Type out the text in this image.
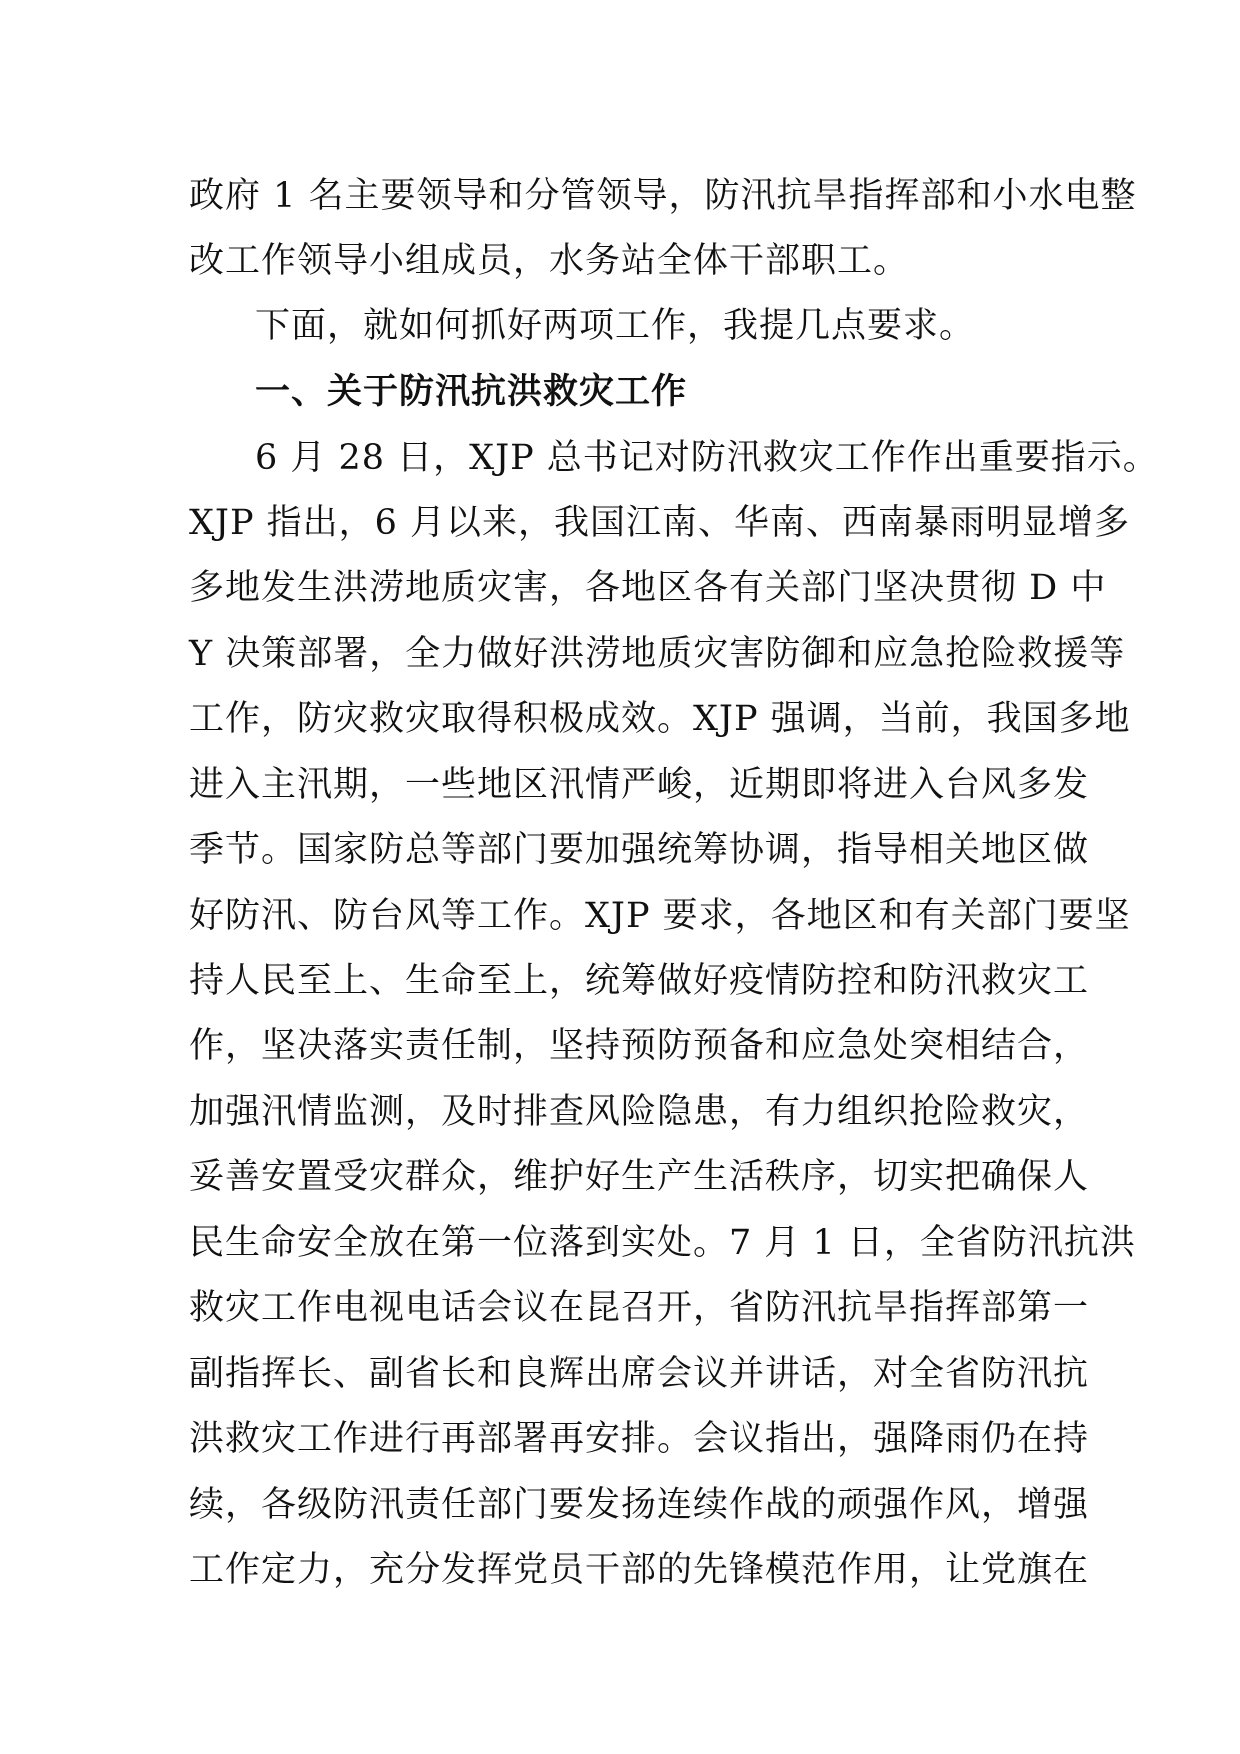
政府 1 名主要领导和分管领导，防汛抗旱指挥部和小水电整
改工作领导小组成员，水务站全体干部职工。
下面，就如何抓好两项工作，我提几点要求。
一、关于防汛抗洪救灾工作
6 月 28 日，XJP 总书记对防汛救灾工作作出重要指示。
XJP 指出，6 月以来，我国江南、华南、西南暴雨明显增多
多地发生洪涝地质灾害，各地区各有关部门坚决贯彻 D 中
Y 决策部署，全力做好洪涝地质灾害防御和应急抢险救援等
工作，防灾救灾取得积极成效。XJP 强调，当前，我国多地
进入主汛期，一些地区汛情严峻，近期即将进入台风多发
季节。国家防总等部门要加强统筹协调，指导相关地区做
好防汛、防台风等工作。XJP 要求，各地区和有关部门要坚
持人民至上、生命至上，统筹做好疫情防控和防汛救灾工
作，坚决落实责任制，坚持预防预备和应急处突相结合，
加强汛情监测，及时排查风险隐患，有力组织抢险救灾，
妥善安置受灾群众，维护好生产生活秩序，切实把确保人
民生命安全放在第一位落到实处。7 月 1 日，全省防汛抗洪
救灾工作电视电话会议在昆召开，省防汛抗旱指挥部第一
副指挥长、副省长和良辉出席会议并讲话，对全省防汛抗
洪救灾工作进行再部署再安排。会议指出，强降雨仍在持
续，各级防汛责任部门要发扬连续作战的顽强作风，增强
工作定力，充分发挥党员干部的先锋模范作用，让党旗在
